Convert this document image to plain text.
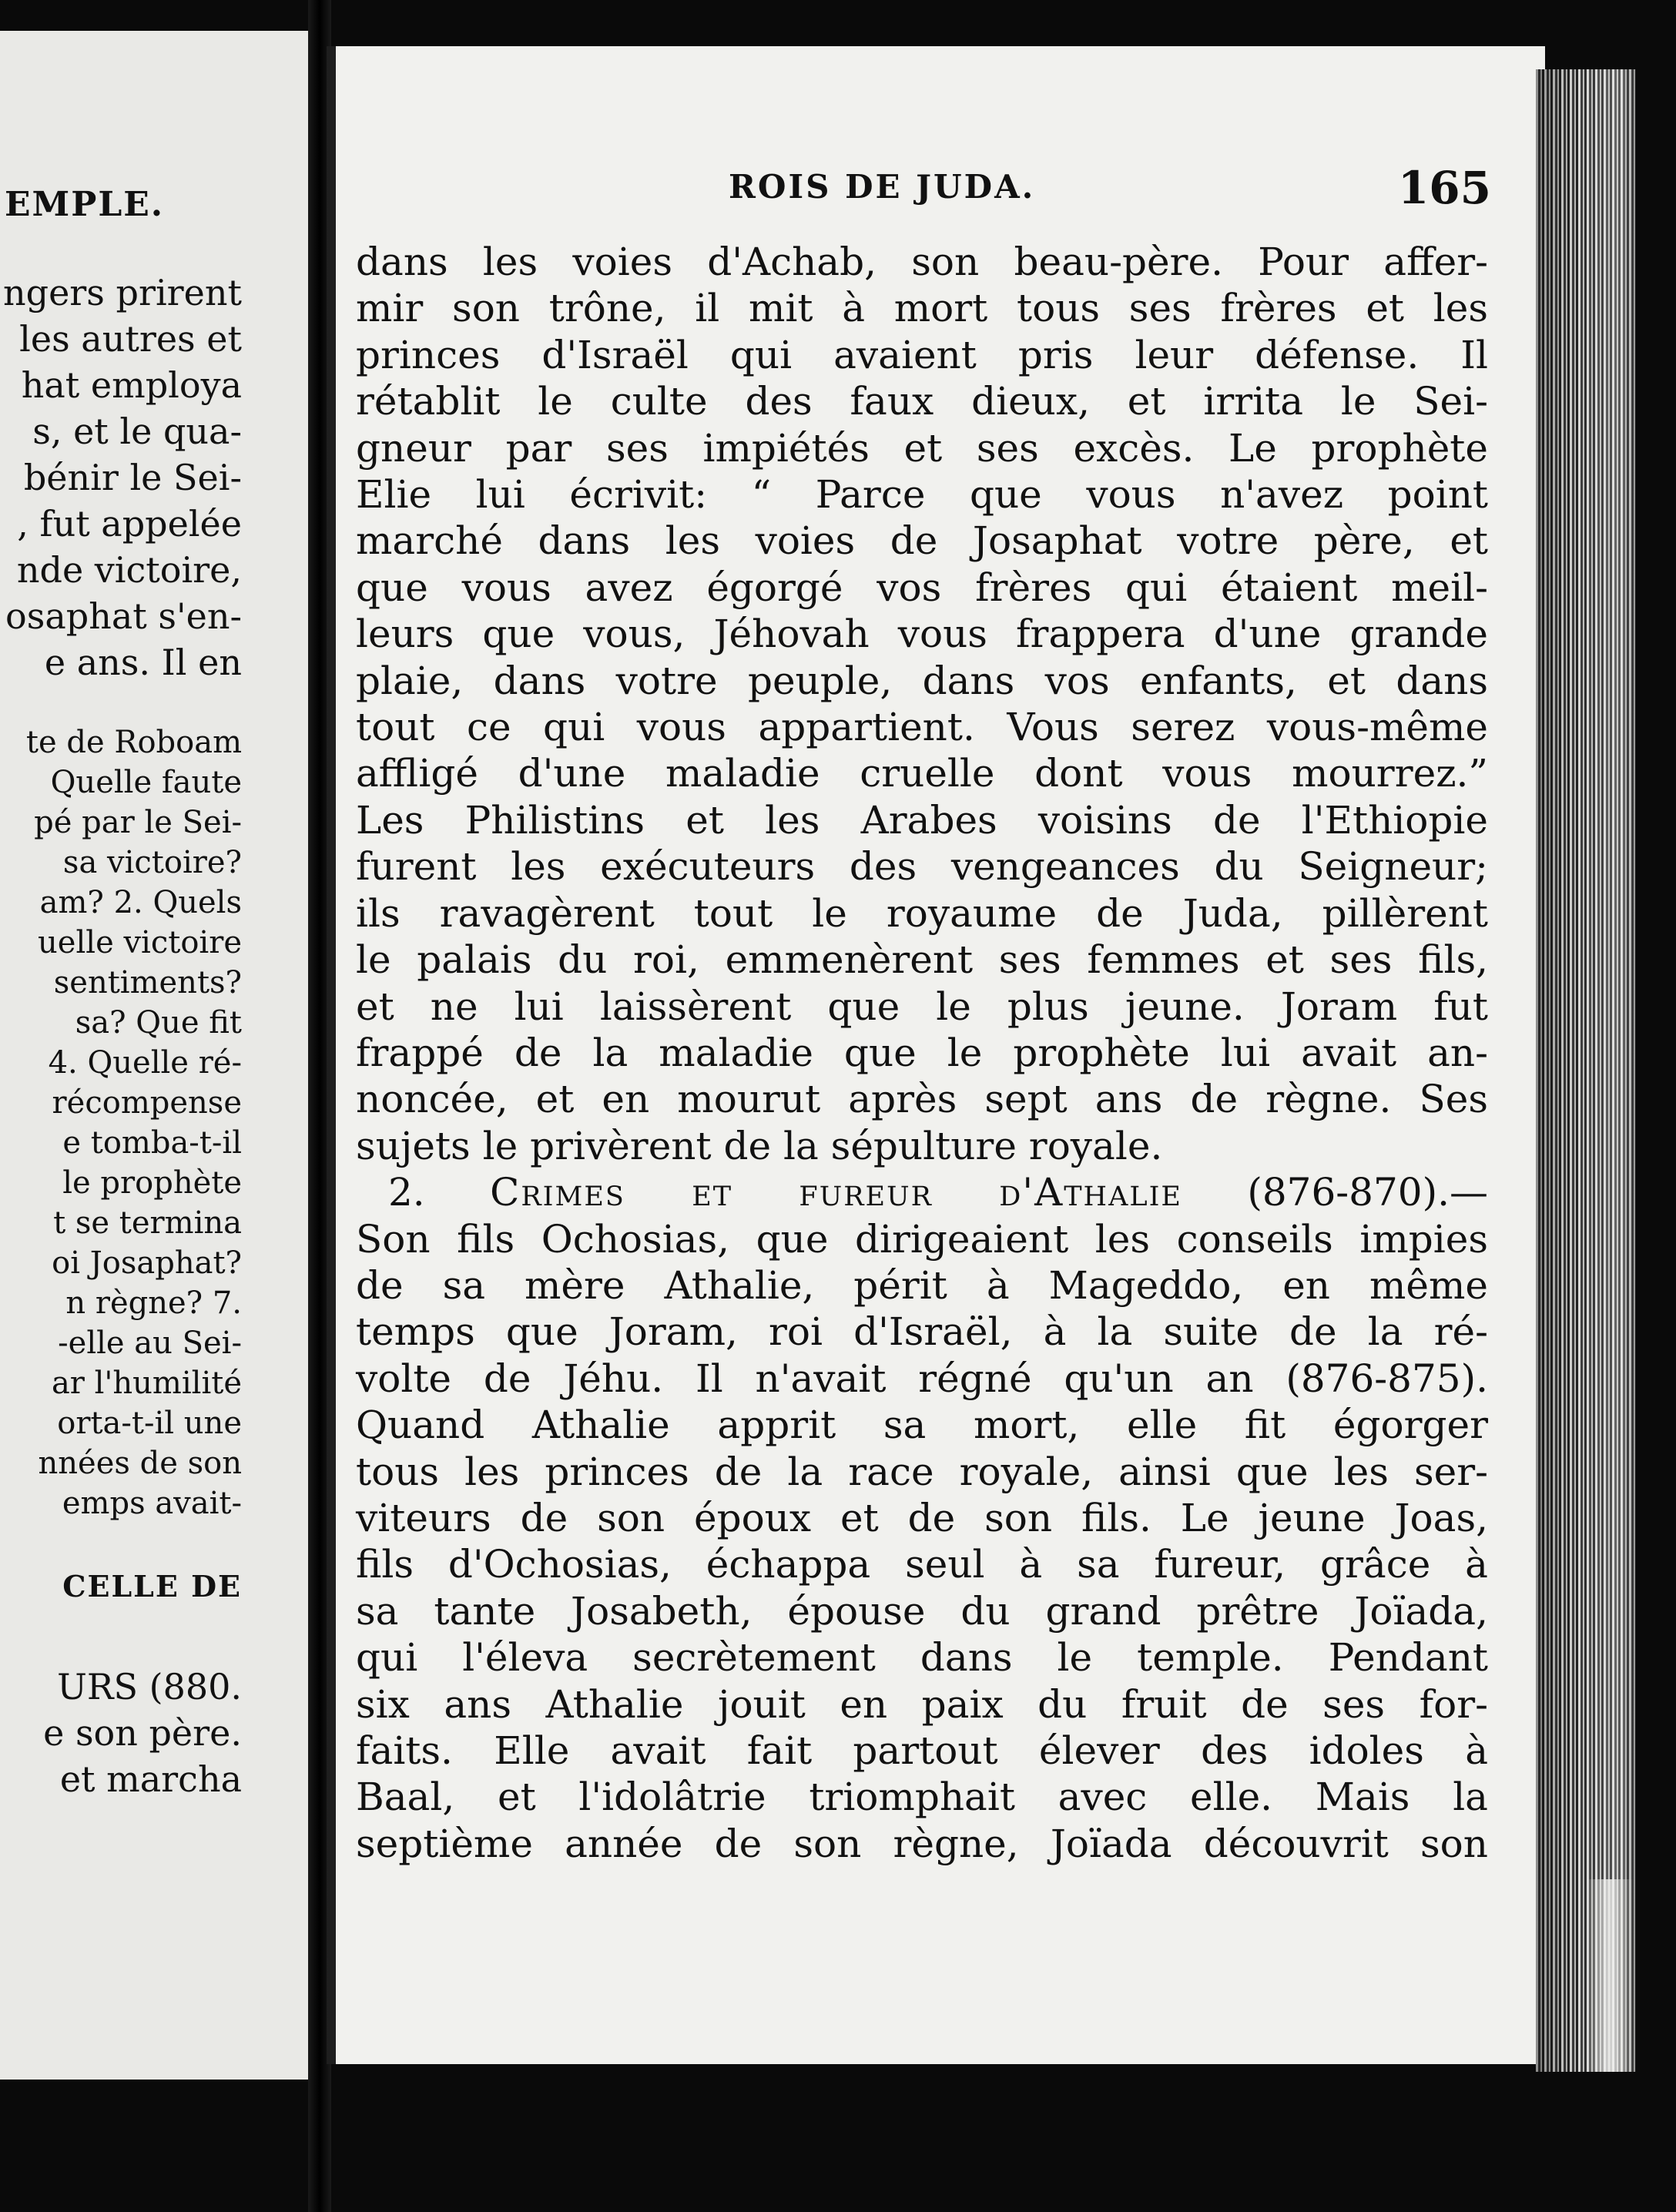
EMPLE.
ngers prirent
les autres et
hat employa
s, et le qua-
bénir le Sei-
, fut appelée
nde victoire,
osaphat s'en-
e ans. Il en
te de Roboam
Quelle faute
pé par le Sei-
sa victoire?
am? 2. Quels
uelle victoire
sentiments?
sa? Que fit
4. Quelle ré-
récompense
e tomba-t-il
le prophète
t se termina
oi Josaphat?
n règne? 7.
-elle au Sei-
ar l'humilité
orta-t-il une
nnées de son
emps avait-
CELLE DE
URS (880.
e son père.
et marcha
ROIS DE JUDA.	165
dans les voies d'Achab, son beau-père. Pour affer-
mir son trône, il mit à mort tous ses frères et les
princes d'Israël qui avaient pris leur défense. Il
rétablit le culte des faux dieux, et irrita le Sei-
gneur par ses impiétés et ses excès. Le prophète
Elie lui écrivit: “ Parce que vous n'avez point
marché dans les voies de Josaphat votre père, et
que vous avez égorgé vos frères qui étaient meil-
leurs que vous, Jéhovah vous frappera d'une grande
plaie, dans votre peuple, dans vos enfants, et dans
tout ce qui vous appartient. Vous serez vous-même
affligé d'une maladie cruelle dont vous mourrez.”
Les Philistins et les Arabes voisins de l'Ethiopie
furent les exécuteurs des vengeances du Seigneur;
ils ravagèrent tout le royaume de Juda, pillèrent
le palais du roi, emmenèrent ses femmes et ses fils,
et ne lui laissèrent que le plus jeune. Joram fut
frappé de la maladie que le prophète lui avait an-
noncée, et en mourut après sept ans de règne. Ses
sujets le privèrent de la sépulture royale.
2. Crimes et fureur d'Athalie (876-870).—
Son fils Ochosias, que dirigeaient les conseils impies
de sa mère Athalie, périt à Mageddo, en même
temps que Joram, roi d'Israël, à la suite de la ré-
volte de Jéhu. Il n'avait régné qu'un an (876-875).
Quand Athalie apprit sa mort, elle fit égorger
tous les princes de la race royale, ainsi que les ser-
viteurs de son époux et de son fils. Le jeune Joas,
fils d'Ochosias, échappa seul à sa fureur, grâce à
sa tante Josabeth, épouse du grand prêtre Joïada,
qui l'éleva secrètement dans le temple. Pendant
six ans Athalie jouit en paix du fruit de ses for-
faits. Elle avait fait partout élever des idoles à
Baal, et l'idolâtrie triomphait avec elle. Mais la
septième année de son règne, Joïada découvrit son
